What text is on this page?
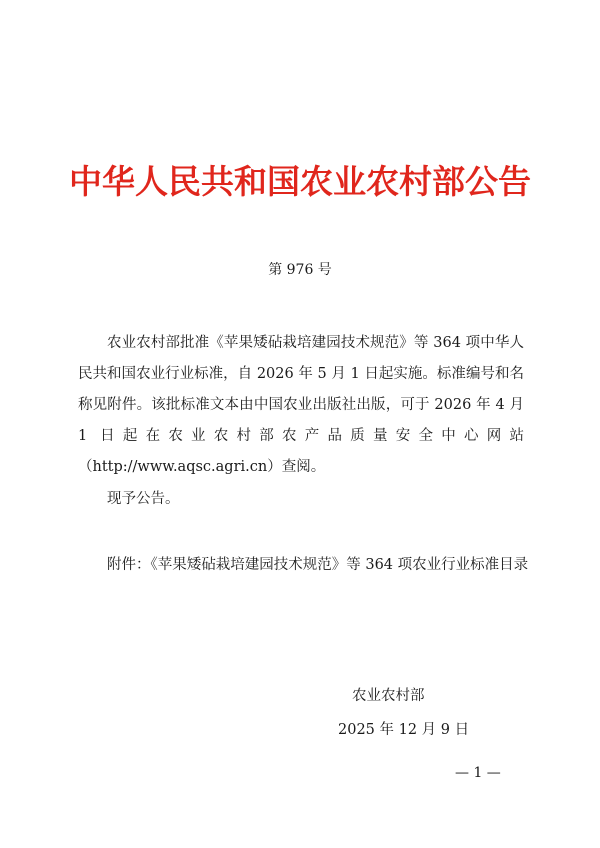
中华人民共和国农业农村部公告
第 976 号

农业农村部批准《苹果矮砧栽培建园技术规范》等 364 项中华人民共和国农业行业标准，自 2026 年 5 月 1 日起实施。标准编号和名称见附件。该批标准文本由中国农业出版社出版，可于 2026 年 4 月 1 日起在农业农村部农产品质量安全中心网站（http://www.aqsc.agri.cn）查阅。

现予公告。

附件：《苹果矮砧栽培建园技术规范》等 364 项农业行业标准目录

农业农村部
2025 年 12 月 9 日
— 1 —
